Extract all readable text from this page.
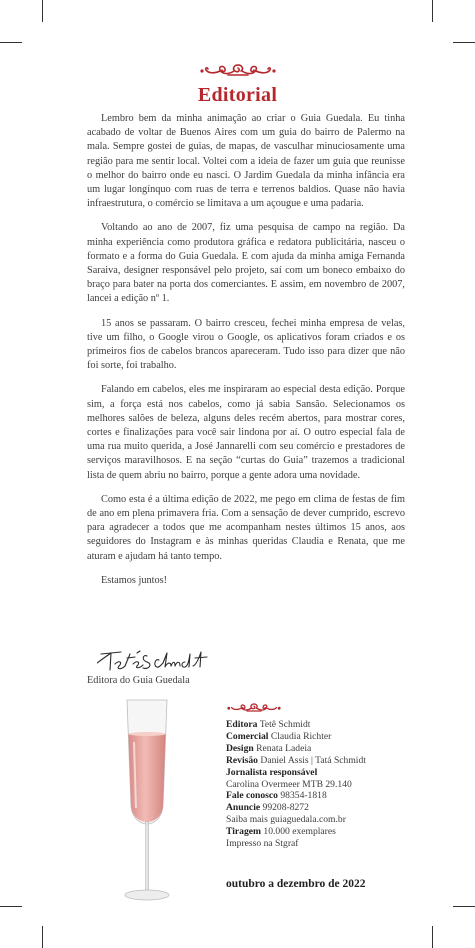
Editorial

Lembro bem da minha animação ao criar o Guia Guedala. Eu tinha acabado de voltar de Buenos Aires com um guia do bairro de Palermo na mala. Sempre gostei de guias, de mapas, de vasculhar minuciosamente uma região para me sentir local. Voltei com a ideia de fazer um guia que reunisse o melhor do bairro onde eu nasci. O Jardim Guedala da minha infância era um lugar longínquo com ruas de terra e terrenos baldios. Quase não havia infraestrutura, o comércio se limitava a um açougue e uma padaria.

Voltando ao ano de 2007, fiz uma pesquisa de campo na região. Da minha experiência como produtora gráfica e redatora publicitária, nasceu o formato e a forma do Guia Guedala. E com ajuda da minha amiga Fernanda Saraiva, designer responsável pelo projeto, saí com um boneco embaixo do braço para bater na porta dos comerciantes. E assim, em novembro de 2007, lancei a edição nº 1.

15 anos se passaram. O bairro cresceu, fechei minha empresa de velas, tive um filho, o Google virou o Google, os aplicativos foram criados e os primeiros fios de cabelos brancos apareceram. Tudo isso para dizer que não foi sorte, foi trabalho.

Falando em cabelos, eles me inspiraram ao especial desta edição. Porque sim, a força está nos cabelos, como já sabia Sansão. Selecionamos os melhores salões de beleza, alguns deles recém abertos, para mostrar cores, cortes e finalizações para você sair lindona por aí. O outro especial fala de uma rua muito querida, a José Jannarelli com seu comércio e prestadores de serviços maravilhosos. E na seção “curtas do Guia” trazemos a tradicional lista de quem abriu no bairro, porque a gente adora uma novidade.

Como esta é a última edição de 2022, me pego em clima de festas de fim de ano em plena primavera fria. Com a sensação de dever cumprido, escrevo para agradecer a todos que me acompanham nestes últimos 15 anos, aos seguidores do Instagram e às minhas queridas Claudia e Renata, que me aturam e ajudam há tanto tempo.

Estamos juntos!

Editora do Guia Guedala
Editora Tetê Schmidt
Comercial Claudia Richter
Design Renata Ladeia
Revisão Daniel Assis | Tatá Schmidt
Jornalista responsável
Carolina Overmeer MTB 29.140
Fale conosco 98354-1818
Anuncie 99208-8272
Saiba mais guiaguedala.com.br
Tiragem 10.000 exemplares
Impresso na Stgraf
outubro a dezembro de 2022
